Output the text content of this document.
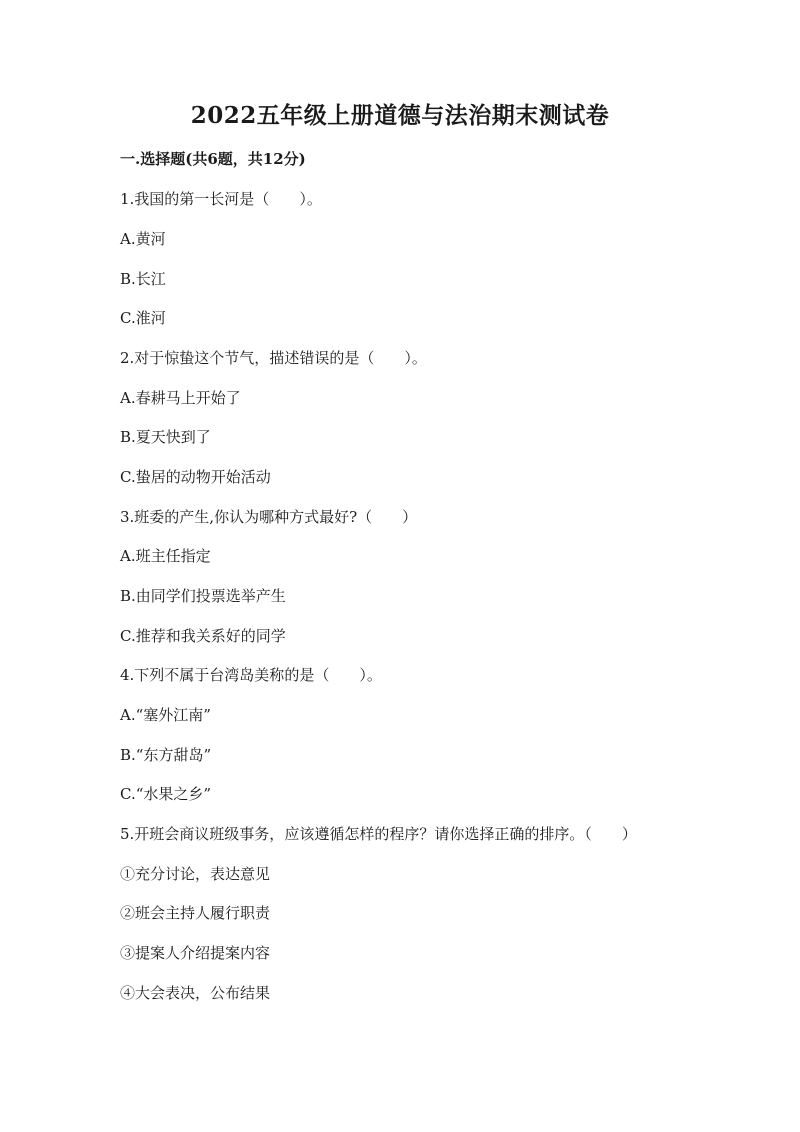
2022五年级上册道德与法治期末测试卷
一.选择题(共6题，共12分)
1.我国的第一长河是（　　）。
A.黄河
B.长江
C.淮河
2.对于惊蛰这个节气，描述错误的是（　　）。
A.春耕马上开始了
B.夏天快到了
C.蛰居的动物开始活动
3.班委的产生,你认为哪种方式最好?（　　）
A.班主任指定
B.由同学们投票选举产生
C.推荐和我关系好的同学
4.下列不属于台湾岛美称的是（　　）。
A.“塞外江南”
B.“东方甜岛”
C.“水果之乡”
5.开班会商议班级事务，应该遵循怎样的程序？请你选择正确的排序。（　　）
①充分讨论，表达意见
②班会主持人履行职责
③提案人介绍提案内容
④大会表决，公布结果
